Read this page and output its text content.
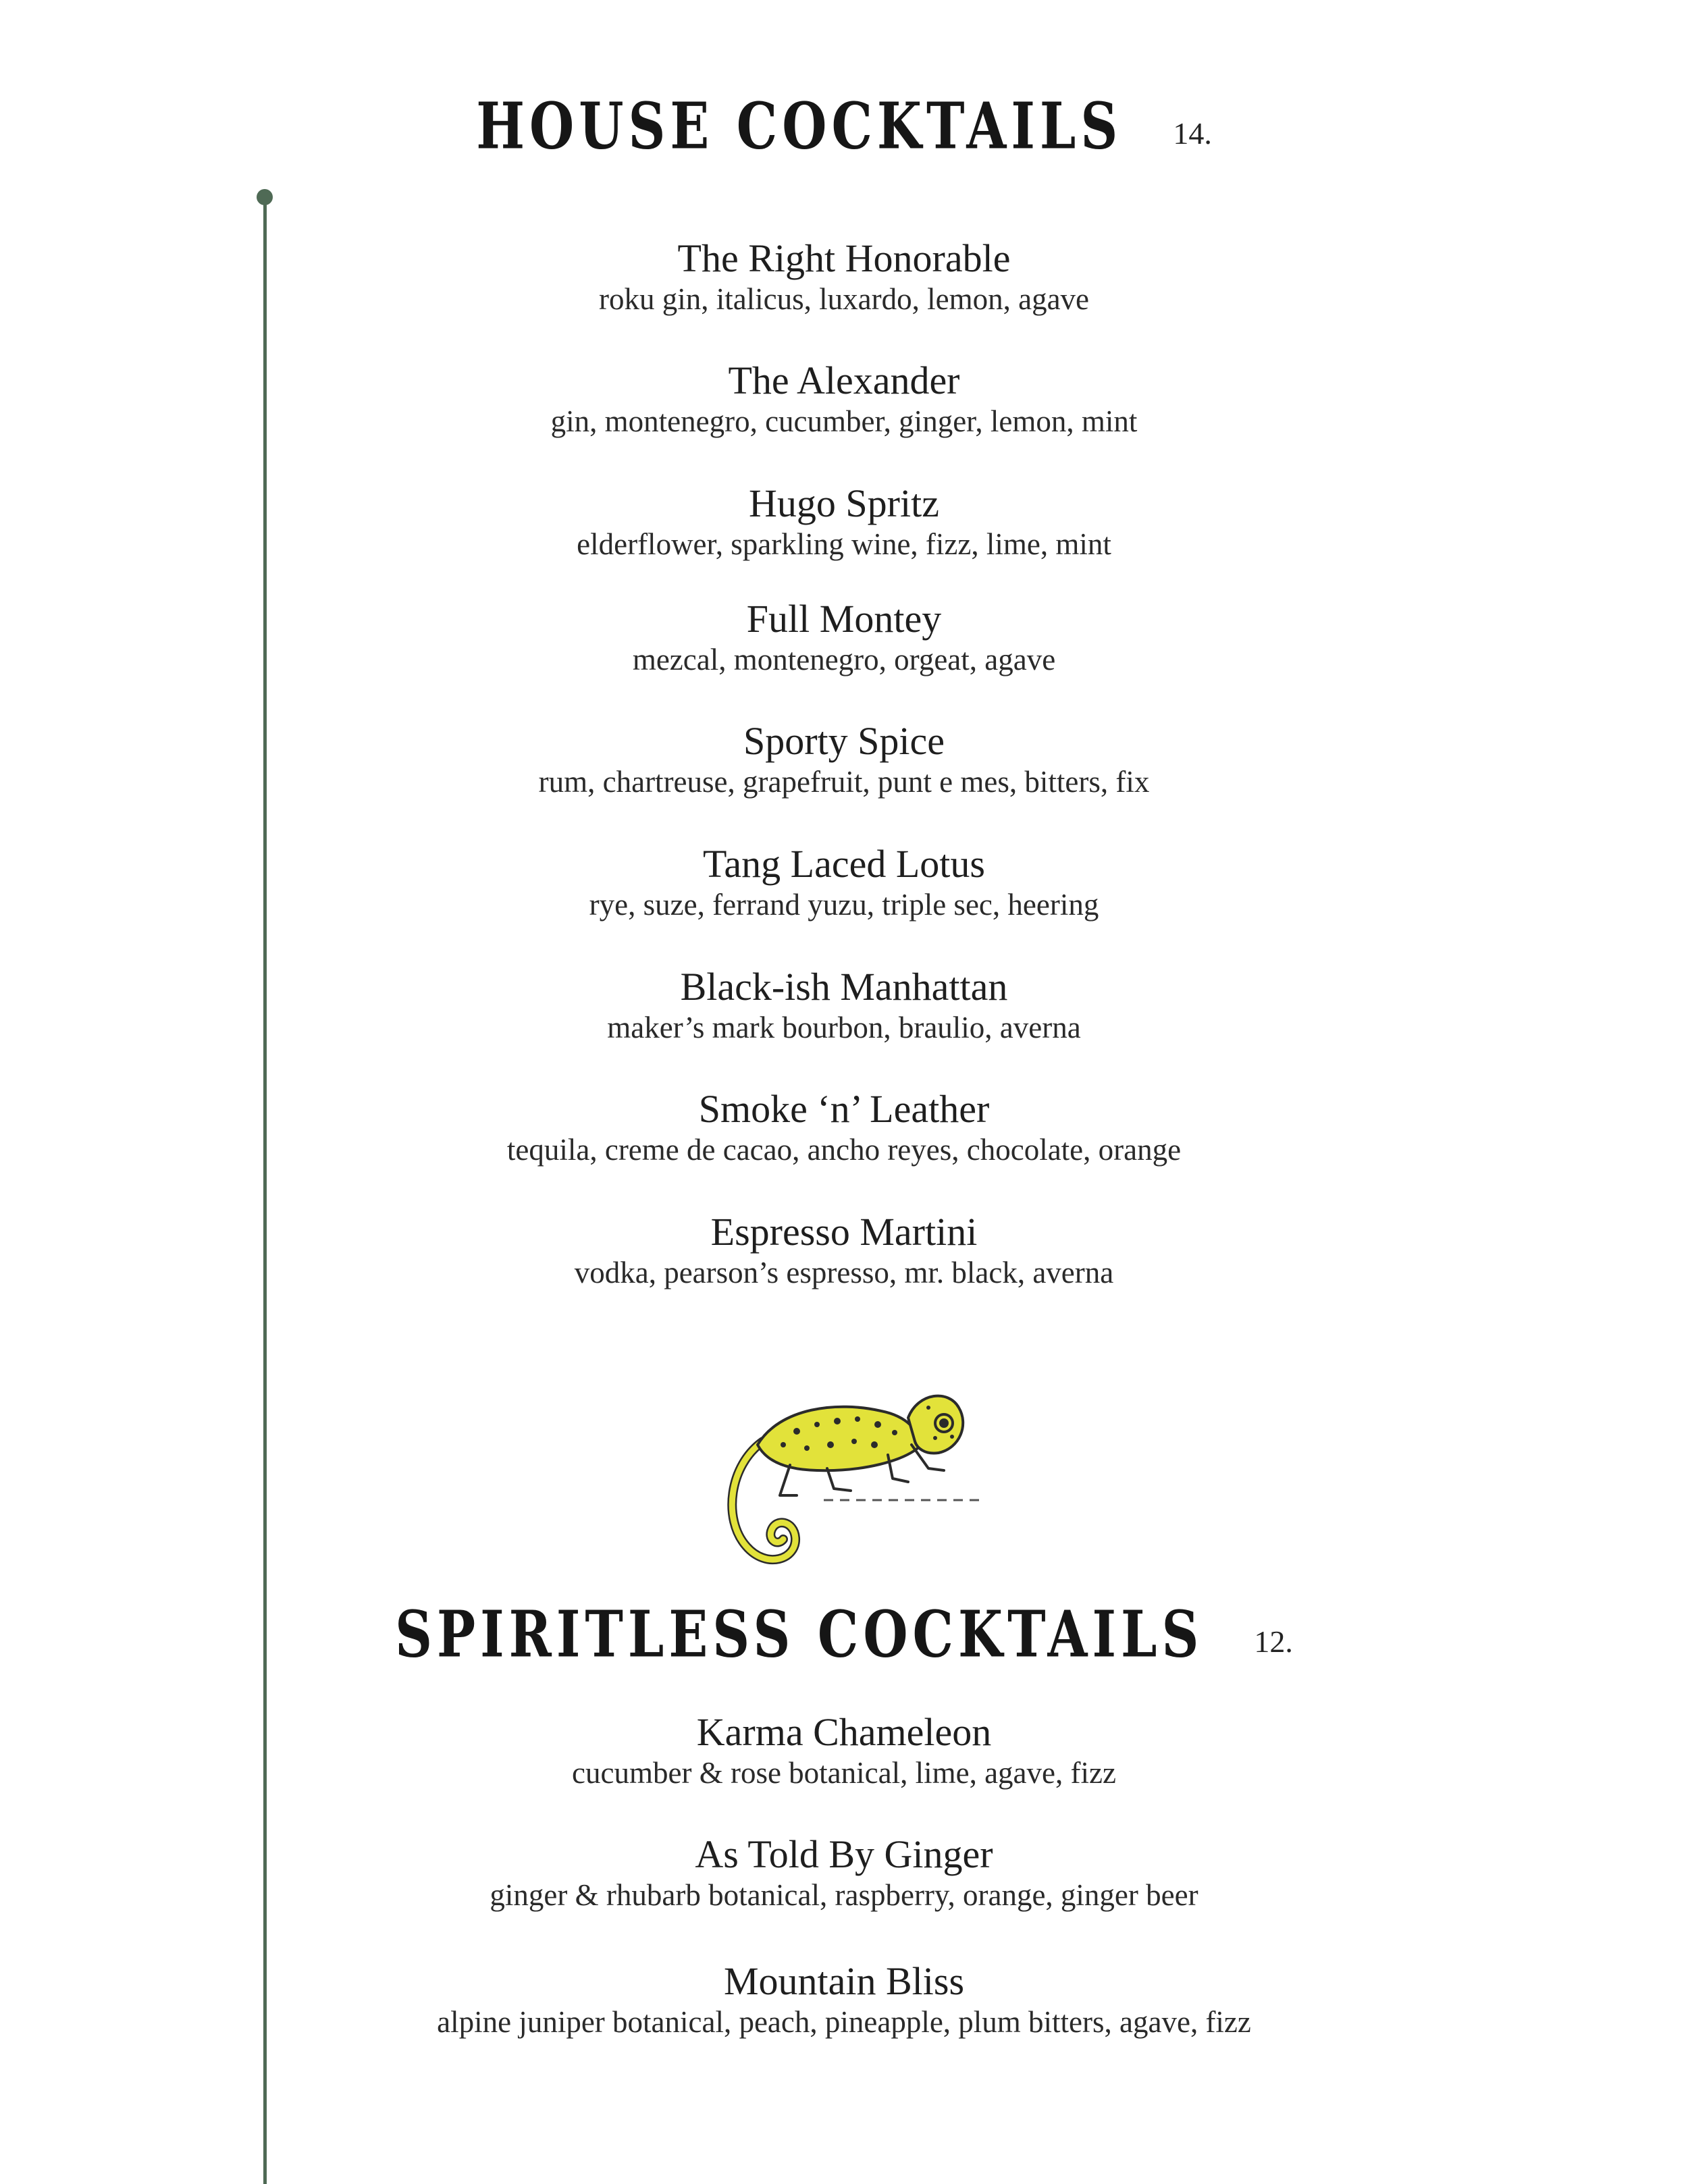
HOUSE COCKTAILS 14.
The Right Honorable
roku gin, italicus, luxardo, lemon, agave
The Alexander
gin, montenegro, cucumber, ginger, lemon, mint
Hugo Spritz
elderflower, sparkling wine, fizz, lime, mint
Full Montey
mezcal, montenegro, orgeat, agave
Sporty Spice
rum, chartreuse, grapefruit, punt e mes, bitters, fix
Tang Laced Lotus
rye, suze, ferrand yuzu, triple sec, heering
Black-ish Manhattan
maker’s mark bourbon, braulio, averna
Smoke ‘n’ Leather
tequila, creme de cacao, ancho reyes, chocolate, orange
Espresso Martini
vodka, pearson’s espresso, mr. black, averna
SPIRITLESS COCKTAILS 12.
Karma Chameleon
cucumber & rose botanical, lime, agave, fizz
As Told By Ginger
ginger & rhubarb botanical, raspberry, orange, ginger beer
Mountain Bliss
alpine juniper botanical, peach, pineapple, plum bitters, agave, fizz
